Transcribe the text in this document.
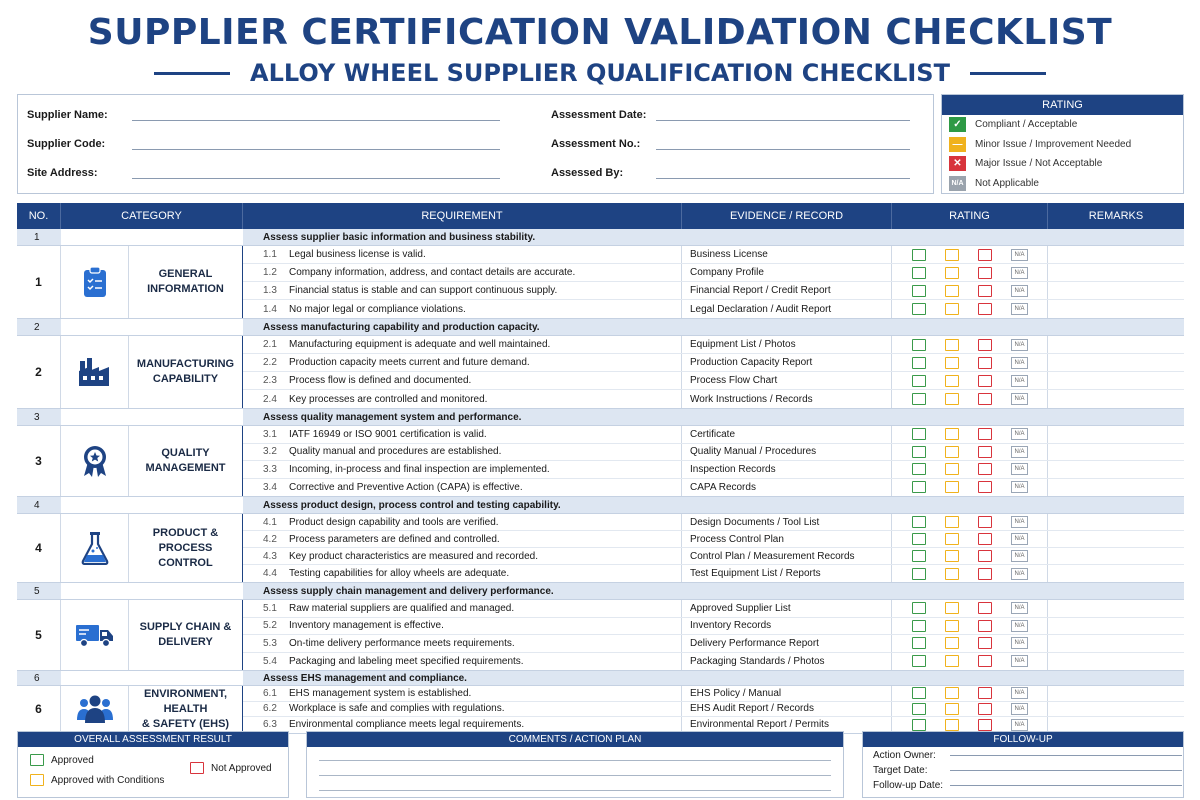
SUPPLIER CERTIFICATION VALIDATION CHECKLIST
ALLOY WHEEL SUPPLIER QUALIFICATION CHECKLIST
Supplier Name:
Supplier Code:
Site Address:
Assessment Date:
Assessment No.:
Assessed By:
RATING
✓	Compliant / Acceptable
—	Minor Issue / Improvement Needed
✕	Major Issue / Not Acceptable
N/A Not Applicable
NO.	CATEGORY	REQUIREMENT	EVIDENCE / RECORD	RATING	REMARKS
1	Assess supplier basic information and business stability.
1
GENERAL
INFORMATION
1.1	Legal business license is valid.	Business License	N/A
1.2	Company information, address, and contact details are accurate.	Company Profile	N/A
1.3	Financial status is stable and can support continuous supply.	Financial Report / Credit Report	N/A
1.4	No major legal or compliance violations.	Legal Declaration / Audit Report	N/A
2	Assess manufacturing capability and production capacity.
2
MANUFACTURING
CAPABILITY
2.1	Manufacturing equipment is adequate and well maintained.	Equipment List / Photos	N/A
2.2	Production capacity meets current and future demand.	Production Capacity Report	N/A
2.3	Process flow is defined and documented.	Process Flow Chart	N/A
2.4	Key processes are controlled and monitored.	Work Instructions / Records	N/A
3	Assess quality management system and performance.
3
QUALITY
MANAGEMENT
3.1	IATF 16949 or ISO 9001 certification is valid.	Certificate	N/A
3.2	Quality manual and procedures are established.	Quality Manual / Procedures	N/A
3.3	Incoming, in-process and final inspection are implemented.	Inspection Records	N/A
3.4	Corrective and Preventive Action (CAPA) is effective.	CAPA Records	N/A
4	Assess product design, process control and testing capability.
4
PRODUCT &
PROCESS
CONTROL
4.1	Product design capability and tools are verified.	Design Documents / Tool List	N/A
4.2	Process parameters are defined and controlled.	Process Control Plan	N/A
4.3	Key product characteristics are measured and recorded.	Control Plan / Measurement Records	N/A
4.4	Testing capabilities for alloy wheels are adequate.	Test Equipment List / Reports	N/A
5	Assess supply chain management and delivery performance.
5
SUPPLY CHAIN &
DELIVERY
5.1	Raw material suppliers are qualified and managed.	Approved Supplier List	N/A
5.2	Inventory management is effective.	Inventory Records	N/A
5.3	On-time delivery performance meets requirements.	Delivery Performance Report	N/A
5.4	Packaging and labeling meet specified requirements.	Packaging Standards / Photos	N/A
6	Assess EHS management and compliance.
6
ENVIRONMENT, HEALTH
& SAFETY (EHS)
6.1	EHS management system is established.	EHS Policy / Manual	N/A
6.2	Workplace is safe and complies with regulations.	EHS Audit Report / Records	N/A
6.3	Environmental compliance meets legal requirements.	Environmental Report / Permits	N/A
OVERALL ASSESSMENT RESULT
Approved
Approved with Conditions
Not Approved
COMMENTS / ACTION PLAN	FOLLOW-UP
Action Owner:
Target Date:
Follow-up Date:
